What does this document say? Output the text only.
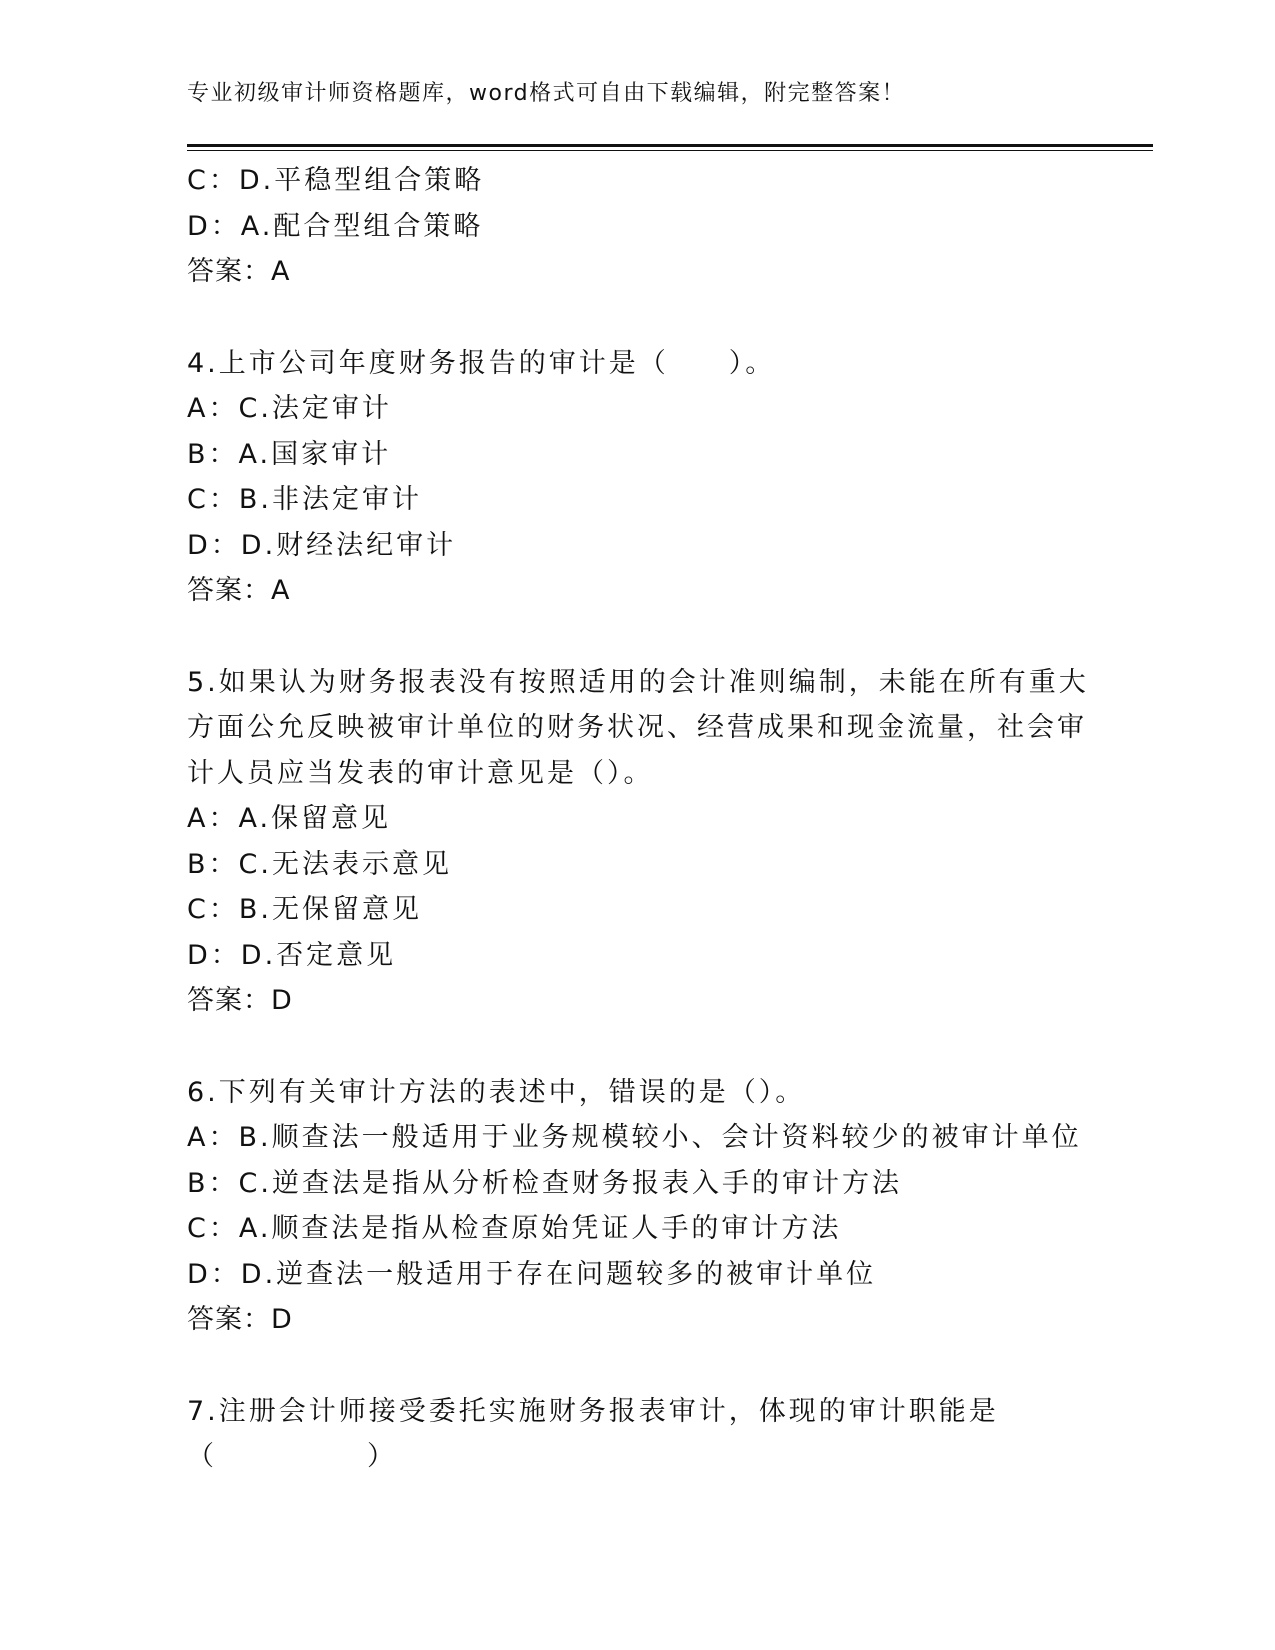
专业初级审计师资格题库，word格式可自由下载编辑，附完整答案！
C：D.平稳型组合策略
D：A.配合型组合策略
答案：A
4.上市公司年度财务报告的审计是（　　）。
A：C.法定审计
B：A.国家审计
C：B.非法定审计
D：D.财经法纪审计
答案：A
5.如果认为财务报表没有按照适用的会计准则编制，未能在所有重大
方面公允反映被审计单位的财务状况、经营成果和现金流量，社会审
计人员应当发表的审计意见是（）。
A：A.保留意见
B：C.无法表示意见
C：B.无保留意见
D：D.否定意见
答案：D
6.下列有关审计方法的表述中，错误的是（）。
A：B.顺查法一般适用于业务规模较小、会计资料较少的被审计单位
B：C.逆查法是指从分析检查财务报表入手的审计方法
C：A.顺查法是指从检查原始凭证人手的审计方法
D：D.逆查法一般适用于存在问题较多的被审计单位
答案：D
7.注册会计师接受委托实施财务报表审计，体现的审计职能是
（　　　　　）
